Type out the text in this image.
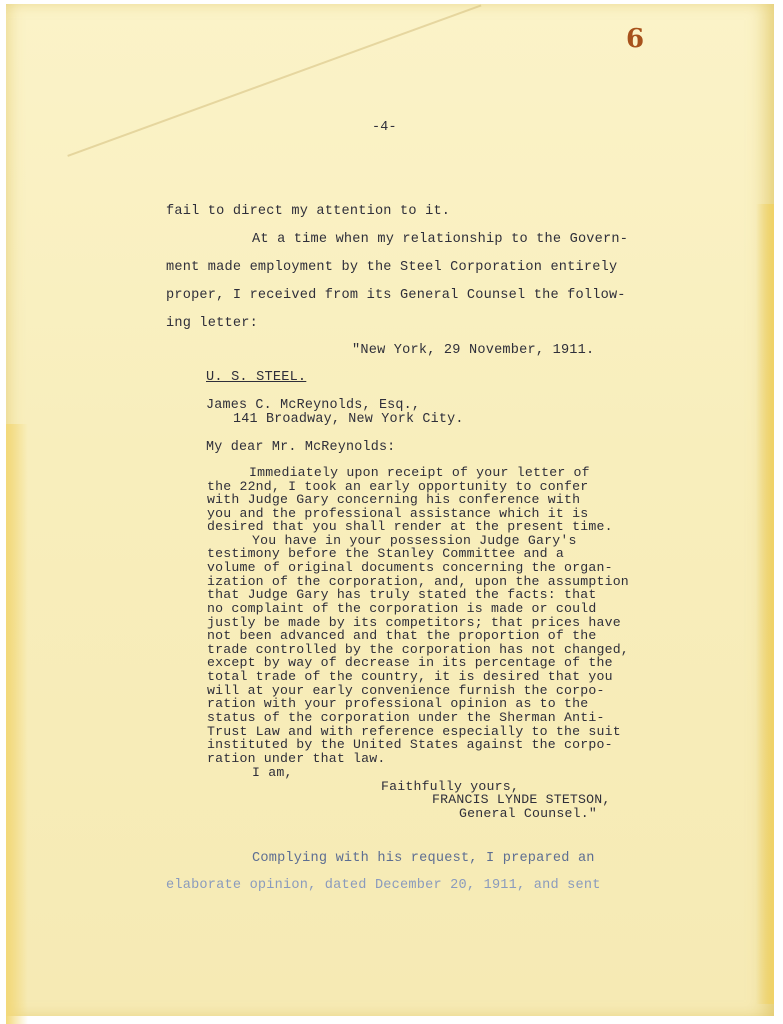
6
-4-
fail to direct my attention to it.
At a time when my relationship to the Govern-
ment made employment by the Steel Corporation entirely
proper, I received from its General Counsel the follow-
ing letter:
"New York, 29 November, 1911.
U. S. STEEL.
James C. McReynolds, Esq.,
141 Broadway, New York City.
My dear Mr. McReynolds:
Immediately upon receipt of your letter of
the 22nd, I took an early opportunity to confer
with Judge Gary concerning his conference with
you and the professional assistance which it is
desired that you shall render at the present time.
You have in your possession Judge Gary's
testimony before the Stanley Committee and a
volume of original documents concerning the organ-
ization of the corporation, and, upon the assumption
that Judge Gary has truly stated the facts: that
no complaint of the corporation is made or could
justly be made by its competitors; that prices have
not been advanced and that the proportion of the
trade controlled by the corporation has not changed,
except by way of decrease in its percentage of the
total trade of the country, it is desired that you
will at your early convenience furnish the corpo-
ration with your professional opinion as to the
status of the corporation under the Sherman Anti-
Trust Law and with reference especially to the suit
instituted by the United States against the corpo-
ration under that law.
I am,
Faithfully yours,
FRANCIS LYNDE STETSON,
General Counsel."
Complying with his request, I prepared an
elaborate opinion, dated December 20, 1911, and sent
